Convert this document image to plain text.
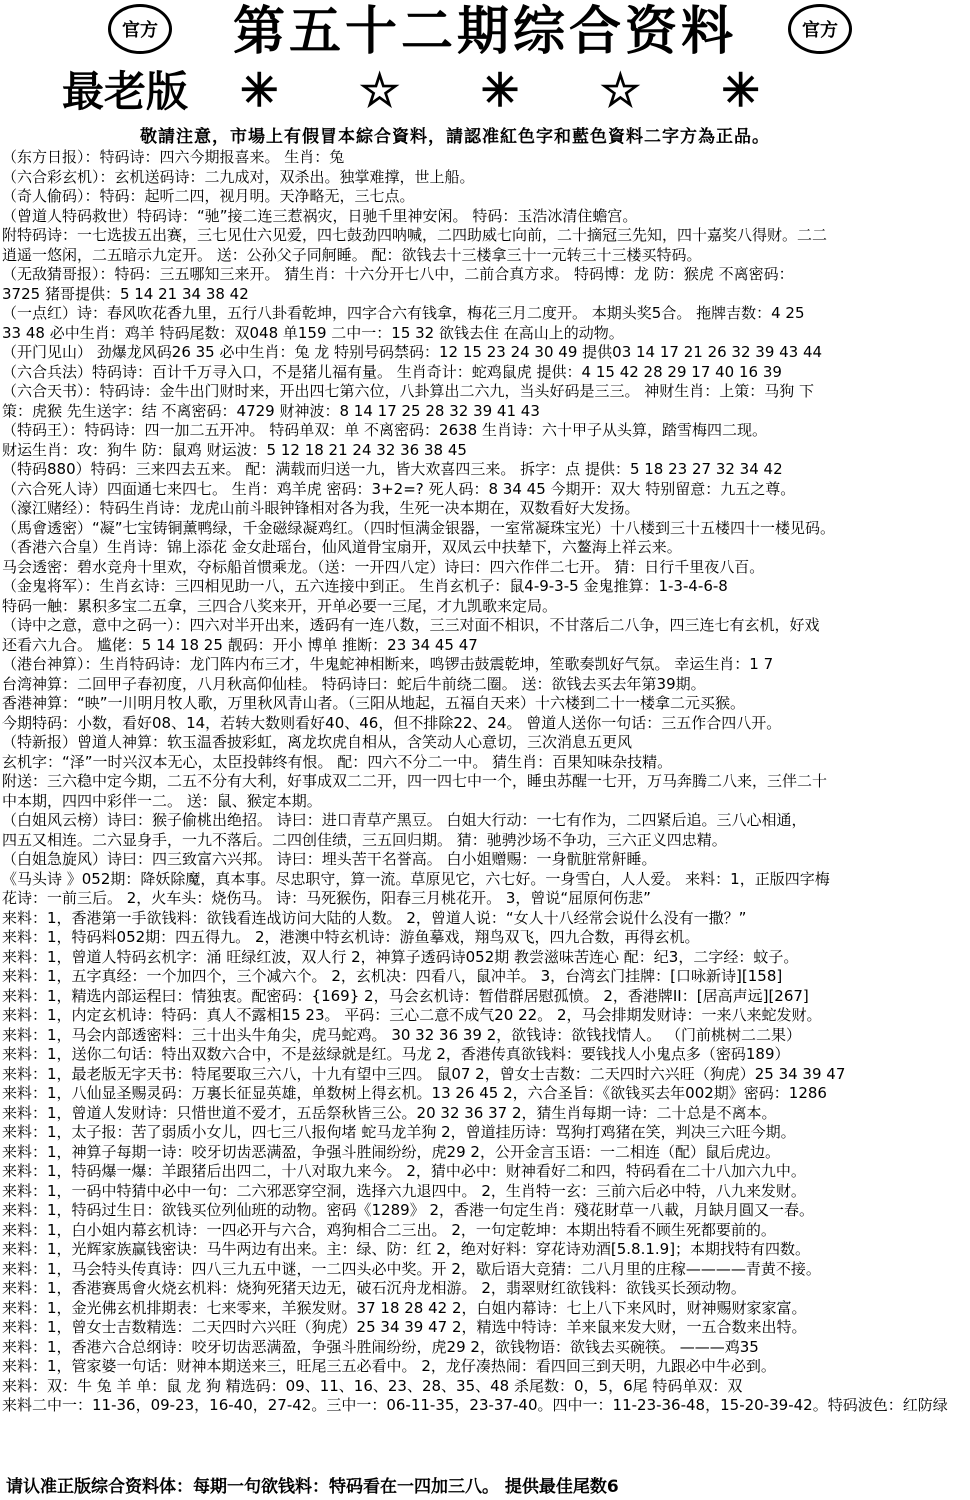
官方	第五十二期综合资料	官方
最老版 ✳ ☆ ✳ ☆ ✳
敬請注意，市場上有假冒本綜合資料，請認准紅色字和藍色資料二字方為正品。
（东方日报）：特码诗：四六今期报喜来。 生肖：兔
（六合彩玄机）：玄机送码诗：二九成对，双杀出。独掌难撑，世上船。
（奇人偷码）：特码：起听二四，视月明。天净略无，三七点。
（曾道人特码救世）特码诗：“驰”接二连三惹祸灾，日驰千里神安闲。 特码：玉浩冰清住蟾宫。
附特码诗：一七选拔五出赛，三七见仕六见爱，四七鼓劲四呐喊，二四助威七向前，二十摘冠三先知，四十嘉奖八得财。二二
逍遥一悠闲，二五暗示九定开。 送：公孙父子同舸睡。 配：欲钱去十三楼拿三十一元转三十三楼买特码。
（无敌猜哥报）：特码：三五哪知三来开。 猜生肖：十六分开七八中，二前合真方求。 特码博：龙 防：猴虎 不离密码：
3725 猪哥提供：5 14 21 34 38 42
（一点红）诗：春风吹花香九里，五行八卦看乾坤，四字合六有钱拿，梅花三月二度开。 本期头奖5合。 拖牌吉数：4 25
33 48 必中生肖：鸡羊 特码尾数：双048 单159 二中一：15 32 欲钱去住 在高山上的动物。
（开门见山） 劲爆龙风码26 35 必中生肖：兔 龙 特别号码禁码：12 15 23 24 30 49 提供03 14 17 21 26 32 39 43 44
（六合兵法）特码诗：百计千万寻入口，不是猪儿福有量。 生肖奇计：蛇鸡鼠虎 提供：4 15 42 28 29 17 40 16 39
（六合天书）：特码诗：金牛出门财时来，开出四七第六位，八卦算出二六九，当头好码是三三。 神财生肖：上策：马狗 下
策：虎猴 先生送字：结 不离密码：4729 财神波：8 14 17 25 28 32 39 41 43
（特码王）：特码诗：四一加二五开冲。 特码单双：单 不离密码：2638 生肖诗：六十甲子从头算，踏雪梅四二现。
财运生肖：攻：狗牛 防：鼠鸡 财运波：5 12 18 21 24 32 36 38 45
（特码880）特码：三来四去五来。 配：满载而归送一九，皆大欢喜四三来。 拆字：点 提供：5 18 23 27 32 34 42
（六合死人诗）四面通七来四七。 生肖：鸡羊虎 密码：3+2=? 死人码：8 34 45 今期开：双大 特别留意：九五之尊。
（濠江赌经）：特码生肖诗：龙虎山前斗眼钟锋相对各为我，生死一决本期在，双数看好大发扬。
（馬會透密）“凝”七宝铸铜薰鸭绿，千金磁绿凝鸡红。（四时恒满金银器，一室常凝珠宝光）十八楼到三十五楼四十一楼见码。
（香港六合皇）生肖诗：锦上添花 金女赴瑶台，仙风道骨宝扇开，双凤云中扶辇下，六鳌海上祥云来。
马会透密：碧水竞舟十里欢，夺标船首惯乘龙。（送：一开四八定）诗曰：四六作伴二七开。 猜：日行千里夜八百。
（金鬼将军）：生肖玄诗：三四相见助一八，五六连接中到正。 生肖玄机子：鼠4-9-3-5 金鬼推算：1-3-4-6-8
特码一触：累积多宝二五拿，三四合八奖来开，开单必要一三尾，才九凯歌来定局。
（诗中之意，意中之码一）：四六对半开出来，透码有一连八数，三三对面不相识，不甘落后二八争，四三连七有玄机，好戏
还看六九合。 尴佬：5 14 18 25 靓码：开小 博单 推断：23 34 45 47
（港台神算）：生肖特码诗：龙门阵内布三才，牛鬼蛇神相断来，鸣锣击鼓震乾坤，笙歌奏凯好气氛。 幸运生肖：1 7
台湾神算：二回甲子春初度，八月秋高仰仙桂。 特码诗曰：蛇后牛前绕二圈。 送：欲钱去买去年第39期。
香港神算：“映”一川明月牧人歌，万里秋风青山者。（三阳从地起，五福自天来）十六楼到二十一楼拿二元买猴。
今期特码：小数，看好08、14，若转大数则看好40、46，但不排除22、24。 曾道人送你一句话：三五作合四八开。
（特新报）曾道人神算：软玉温香披彩虹，离龙坎虎自相从，含笑动人心意切，三次消息五更风
玄机字：“泽”一时兴汉本无心，太臣投韩终有恨。 配：四六不分二一中。 猜生肖：百果知味杂技精。
附送：三六稳中定今期，二五不分有大利，好事成双二二开，四一四七中一个，睡虫苏醒一七开，万马奔腾二八来，三伴二十
中本期，四四中彩伴一二。 送：鼠、猴定本期。
（白姐风云榜）诗曰：猴子偷桃出绝招。 诗曰：进口青草产黑豆。 白姐大行动：一七有作为，二四紧后追。三八心相通，
四五又相连。二六显身手，一九不落后。二四创佳绩，三五回归期。 猜：驰骋沙场不争功，三六正义四忠精。
（白姐急旋风）诗曰：四三致富六兴邦。 诗曰：埋头苦干名誉高。 白小姐赠赐：一身骯脏常鼾睡。
《马头诗 》052期：降妖除魔，真本事。尽忠职守，算一流。草原见它，六七好。一身雪白，人人爱。 来料：1，正版四字梅
花诗：一前三后。 2，火车头：烧伤马。 诗：马死猴伤，阳春三月桃花开。 3，曾说“屈原何伤悲”
来料：1，香港第一手欲钱料：欲钱看连战访问大陆的人数。 2，曾道人说：“女人十八经常会说什么没有一撒？”
来料：1，特码料052期：四五得九。 2，港澳中特玄机诗：游鱼摹戏，翔鸟双飞，四九合数，再得玄机。
来料：1，曾道人特码玄机字：涌 旺绿红波，双人行 2，神算子透码诗052期 教尝滋味苦连心 配：纪3，二字经：蚊子。
来料：1，五字真经：一个加四个，三个减六个。 2，玄机决：四看八，鼠冲羊。 3，台湾玄门挂牌：[口咏新诗][158]
来料：1，精选内部运程曰：情独衷。配密码：{169} 2，马会玄机诗：暂借群居慰孤愤。 2，香港牌II：[居高声远][267]
来料：1，内定玄机诗：特码：真人不露相15 23。 平码：三心二意不成气20 22。 2，马会排期发财诗：一来八来蛇发财。
来料：1，马会内部透密料：三十出头牛角尖，虎马蛇鸡。 30 32 36 39 2，欲钱诗：欲钱找情人。 （门前桃树二二果）
来料：1，送你二句话：特出双数六合中，不是兹绿就是红。马龙 2，香港传真欲钱料：要钱找人小鬼点多（密码189）
来料：1，最老版无字天书：特尾要取三六八，十九有望中三四。 鼠07 2，曾女士吉数：二天四时六兴旺（狗虎）25 34 39 47
来料：1，八仙显圣赐灵码：万裏长征显英雄，单数树上得玄机。13 26 45 2，六合圣旨：《欲钱买去年002期》密码：1286
来料：1，曾道人发财诗：只惜世道不爱才，五岳祭秋皆三公。20 32 36 37 2，猜生肖每期一诗：二十总是不离本。
来料：1，太子报：苦了弱质小女儿，四七三八报佝堵 蛇马龙羊狗 2，曾道挂历诗：骂狗打鸡猪在笑，判决三六旺今期。
来料：1，神算子每期一诗：咬牙切齿恶满盈，争强斗胜闹纷纷，虎29 2，公开金言玉语：一二相连（配）鼠后虎边。
来料：1，特码爆一爆：羊跟猪后出四二，十八对取九来今。 2，猜中必中：财神看好二和四，特码看在二十八加六九中。
来料：1，一码中特猜中必中一句：二六邪恶穿空洞，选择六九退四中。 2，生肖特一玄：三前六后必中特，八九来发财。
来料：1，特码过生日：欲钱买位列仙班的动物。密码《1289》 2，香港一句定生肖：殘花財草一八載，月缺月圓又一春。
来料：1，白小姐内幕玄机诗：一四必开与六合，鸡狗相合二三出。 2，一句定乾坤：本期出特看不顾生死都要前的。
来料：1，光辉家族赢钱密诀：马牛两边有出来。主：绿、防：红 2，绝对好料：穿花诗劝酒[5.8.1.9]；本期找特有四数。
来料：1，马会特头传真诗：四八三九五中谜，一二四头必中奖。开 2，歇后语大竞猜：二八月里的庄稼————青黄不接。
来料：1，香港赛馬會火烧玄机料：烧狗死猪天边无，破石沉舟龙相游。 2，翡翠财红欲钱料：欲钱买长颈动物。
来料：1，金光佛玄机排期表：七来零来，羊猴发财。37 18 28 42 2，白姐内幕诗：七上八下来风时，财神赐财家家富。
来料：1，曾女士吉数精选：二天四时六兴旺（狗虎）25 34 39 47 2，精选中特诗：羊来鼠来发大财，一五合数来出特。
来料：1，香港六合总纲诗：咬牙切齿恶满盈，争强斗胜闹纷纷，虎29 2，欲钱物语：欲钱去买碗筷。 ———鸡35
来料：1，管家婆一句话：财神本期送来三，旺尾三五必看中。 2，龙仔凑热闹：看四回三到天明，九跟必中牛必到。
来料：双：牛 兔 羊 单：鼠 龙 狗 精选码：09、11、16、23、28、35、48 杀尾数：0，5，6尾 特码单双：双
来料二中一：11-36，09-23，16-40，27-42。三中一：06-11-35，23-37-40。四中一：11-23-36-48，15-20-39-42。特码波色：红防绿
请认准正版综合资料体：每期一句欲钱料：特码看在一四加三八。 提供最佳尾数6
